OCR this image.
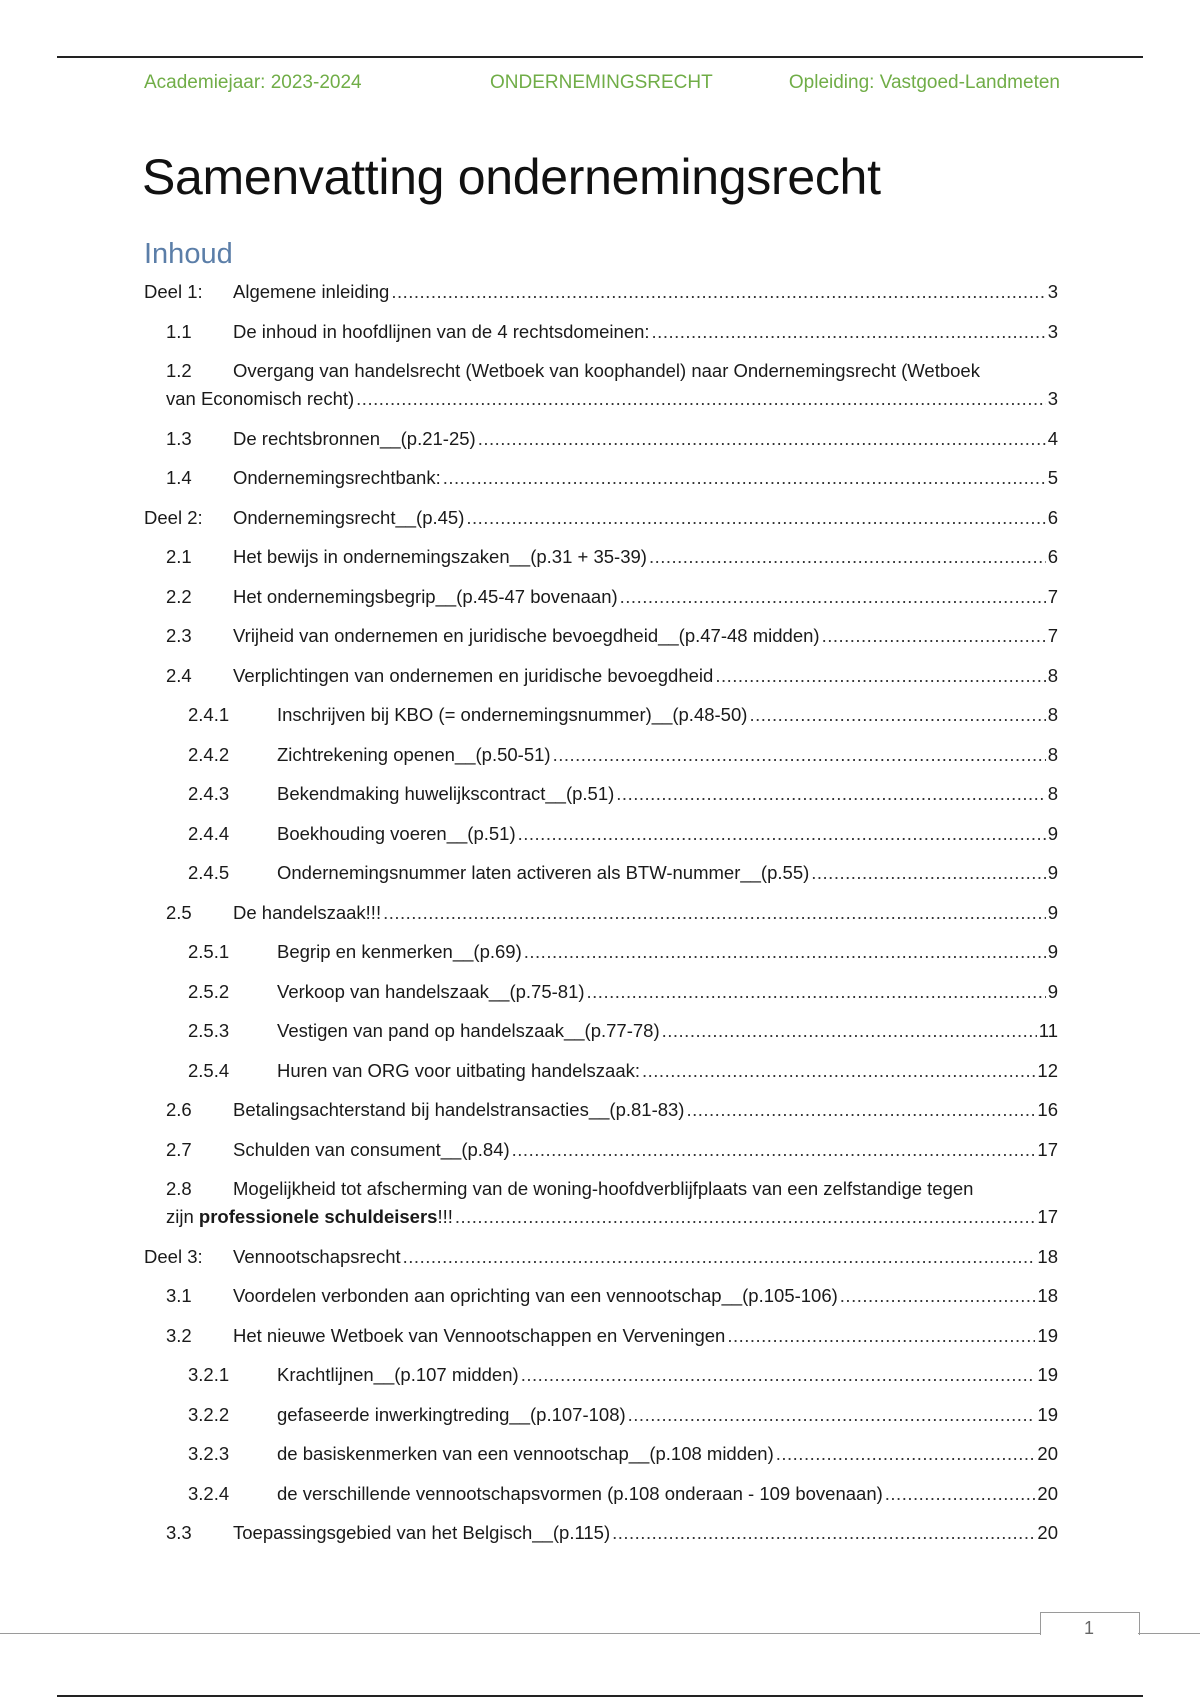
Academiejaar: 2023-2024	ONDERNEMINGSRECHT	Opleiding: Vastgoed-Landmeten
Samenvatting ondernemingsrecht
Inhoud
Deel 1:	Algemene inleiding .....	3
1.1	De inhoud in hoofdlijnen van de 4 rechtsdomeinen: .....	3
1.2	Overgang van handelsrecht (Wetboek van koophandel) naar Ondernemingsrecht (Wetboek
van Economisch recht) .....	3
1.3	De rechtsbronnen__(p.21-25) .....	4
1.4	Ondernemingsrechtbank: .....	5
Deel 2:	Ondernemingsrecht__(p.45) .....	6
2.1	Het bewijs in ondernemingszaken__(p.31 + 35-39) .....	6
2.2	Het ondernemingsbegrip__(p.45-47 bovenaan) .....	7
2.3	Vrijheid van ondernemen en juridische bevoegdheid__(p.47-48 midden) .....	7
2.4	Verplichtingen van ondernemen en juridische bevoegdheid .....	8
2.4.1	Inschrijven bij KBO (= ondernemingsnummer)__(p.48-50) .....	8
2.4.2	Zichtrekening openen__(p.50-51) .....	8
2.4.3	Bekendmaking huwelijkscontract__(p.51) .....	8
2.4.4	Boekhouding voeren__(p.51) .....	9
2.4.5	Ondernemingsnummer laten activeren als BTW-nummer__(p.55) .....	9
2.5	De handelszaak!!! .....	9
2.5.1	Begrip en kenmerken__(p.69) .....	9
2.5.2	Verkoop van handelszaak__(p.75-81) .....	9
2.5.3	Vestigen van pand op handelszaak__(p.77-78) .....	11
2.5.4	Huren van ORG voor uitbating handelszaak: .....	12
2.6	Betalingsachterstand bij handelstransacties__(p.81-83) .....	16
2.7	Schulden van consument__(p.84) .....	17
2.8	Mogelijkheid tot afscherming van de woning-hoofdverblijfplaats van een zelfstandige tegen
zijn professionele schuldeisers!!! .....	17
Deel 3:	Vennootschapsrecht .....	18
3.1	Voordelen verbonden aan oprichting van een vennootschap__(p.105-106) .....	18
3.2	Het nieuwe Wetboek van Vennootschappen en Verveningen .....	19
3.2.1	Krachtlijnen__(p.107 midden) .....	19
3.2.2	gefaseerde inwerkingtreding__(p.107-108) .....	19
3.2.3	de basiskenmerken van een vennootschap__(p.108 midden) .....	20
3.2.4	de verschillende vennootschapsvormen (p.108 onderaan - 109 bovenaan) .....	20
3.3	Toepassingsgebied van het Belgisch__(p.115) .....	20
1
